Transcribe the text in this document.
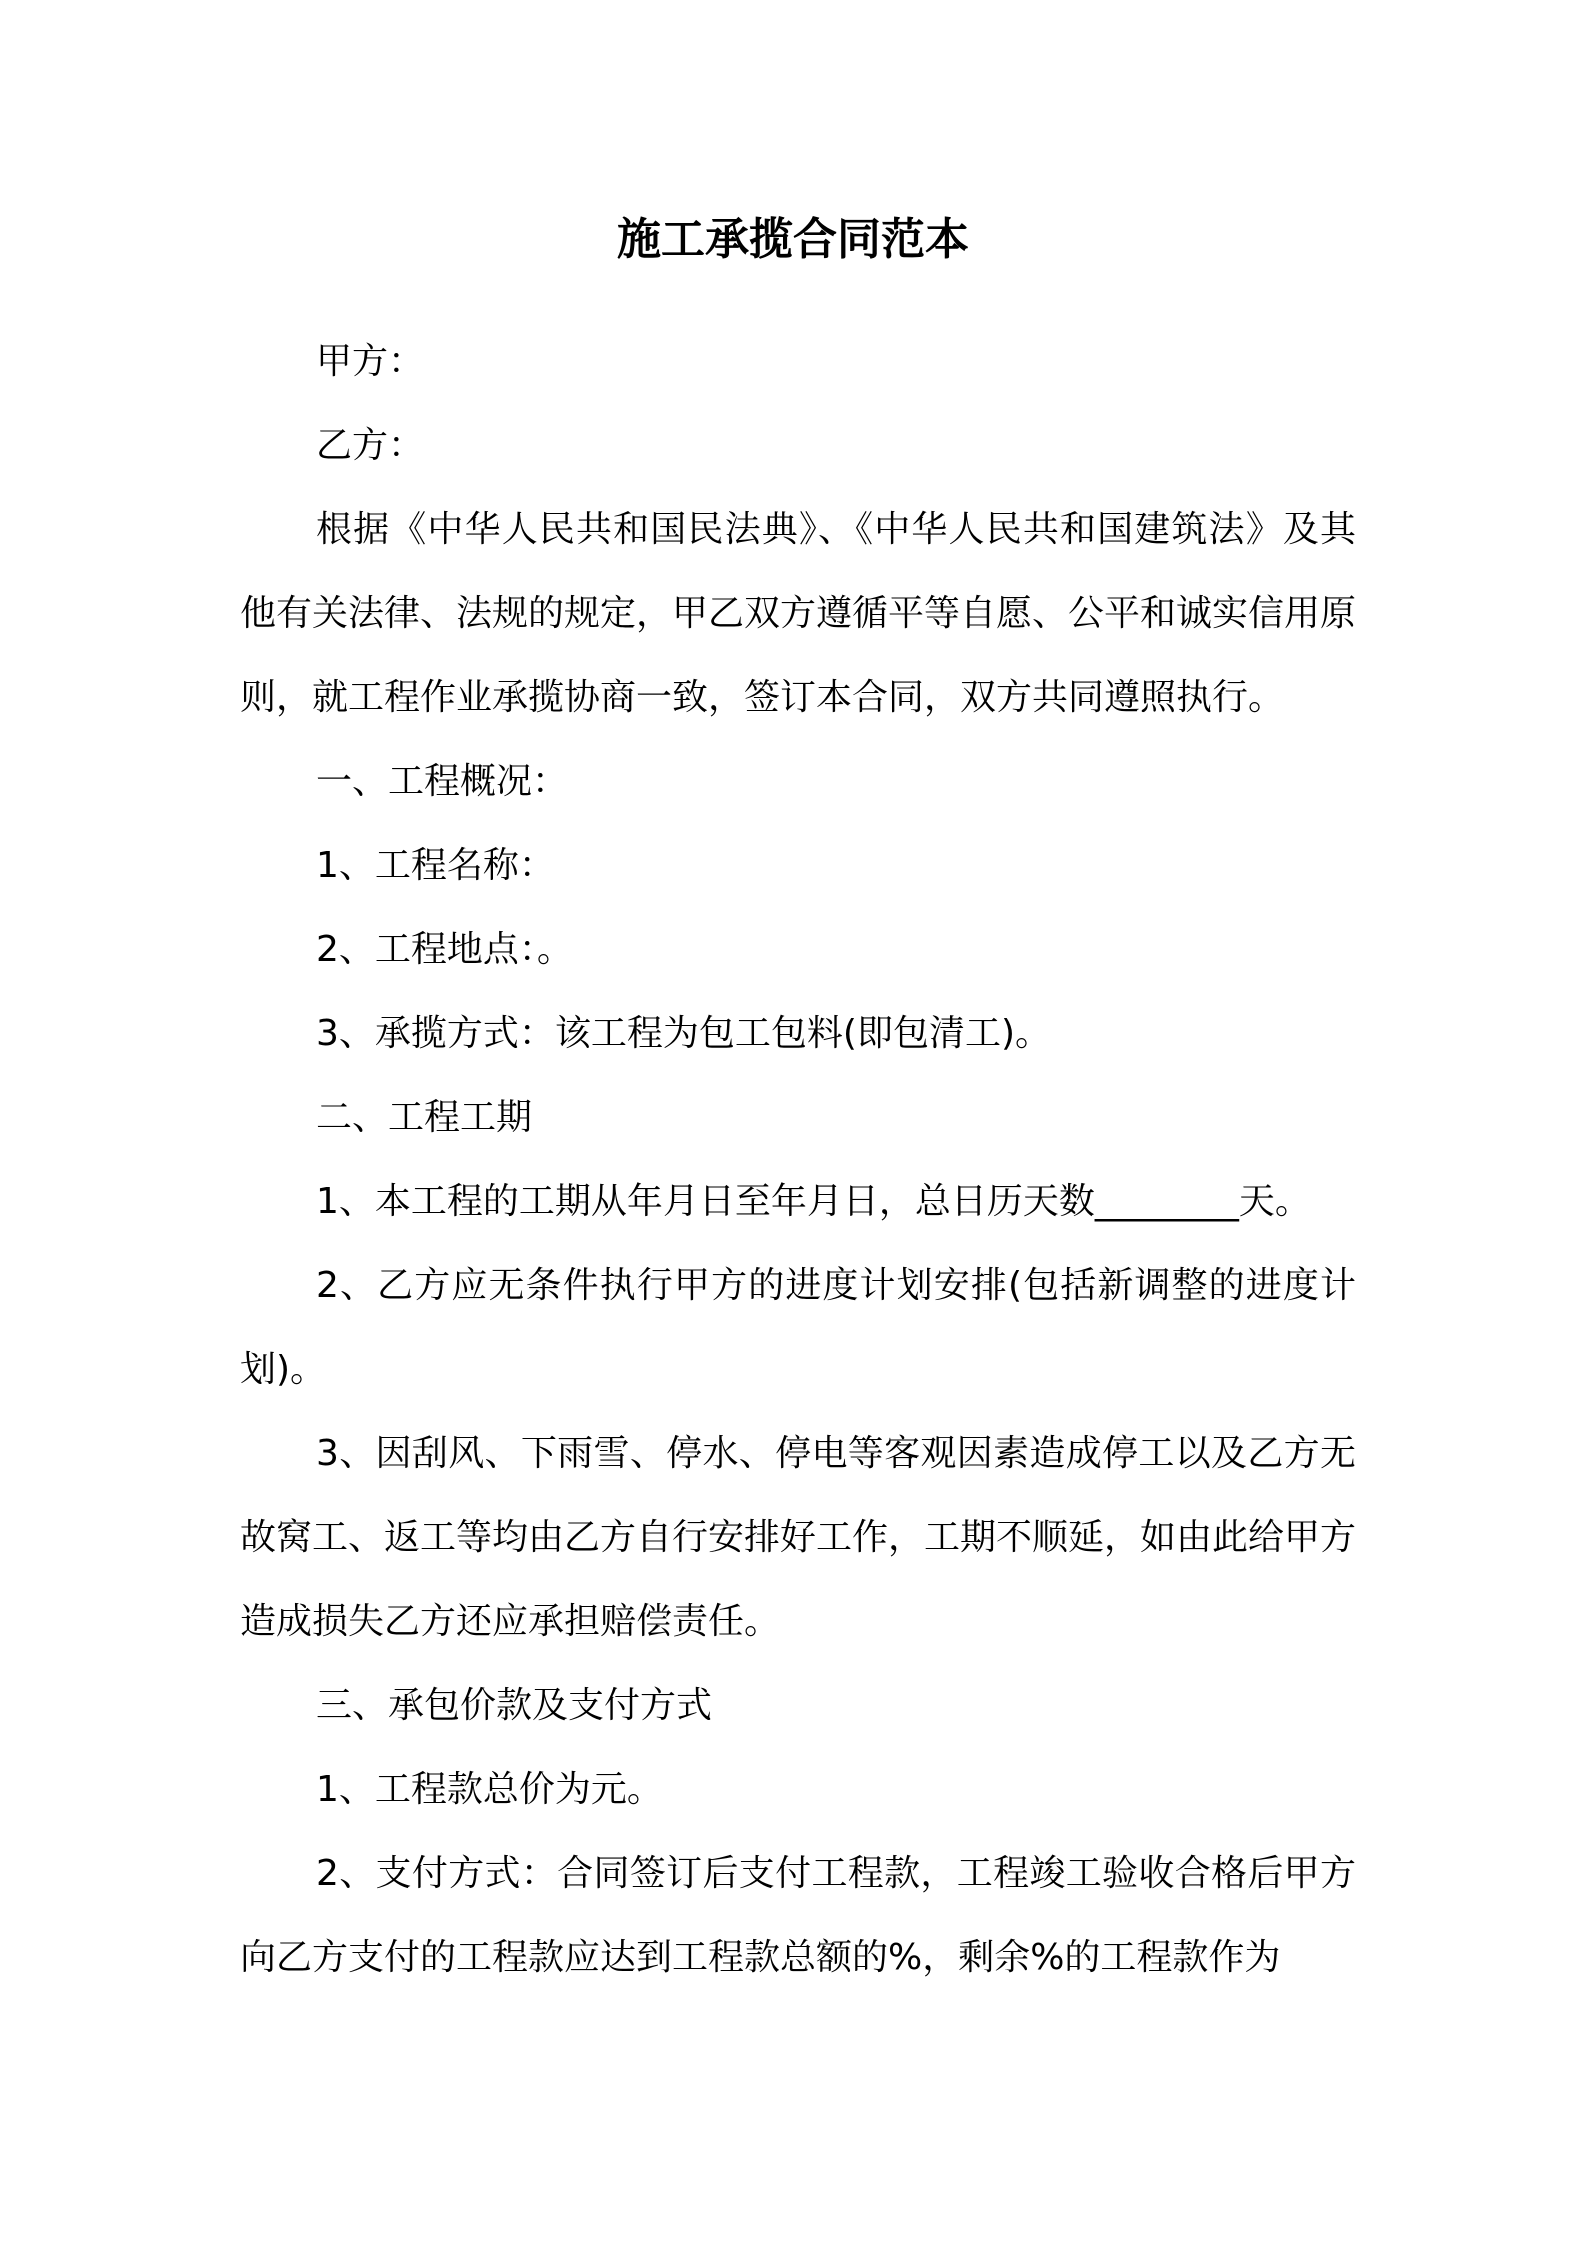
施工承揽合同范本

甲方：

乙方：

根据《中华人民共和国民法典》、《中华人民共和国建筑法》及其他有关法律、法规的规定，甲乙双方遵循平等自愿、公平和诚实信用原则，就工程作业承揽协商一致，签订本合同，双方共同遵照执行。

一、工程概况：

1、工程名称：

2、工程地点：。

3、承揽方式：该工程为包工包料(即包清工)。

二、工程工期

1、本工程的工期从年月日至年月日，总日历天数________天。

2、乙方应无条件执行甲方的进度计划安排(包括新调整的进度计划)。

3、因刮风、下雨雪、停水、停电等客观因素造成停工以及乙方无故窝工、返工等均由乙方自行安排好工作，工期不顺延，如由此给甲方造成损失乙方还应承担赔偿责任。

三、承包价款及支付方式

1、工程款总价为元。

2、支付方式：合同签订后支付工程款，工程竣工验收合格后甲方向乙方支付的工程款应达到工程款总额的%，剩余%的工程款作为
